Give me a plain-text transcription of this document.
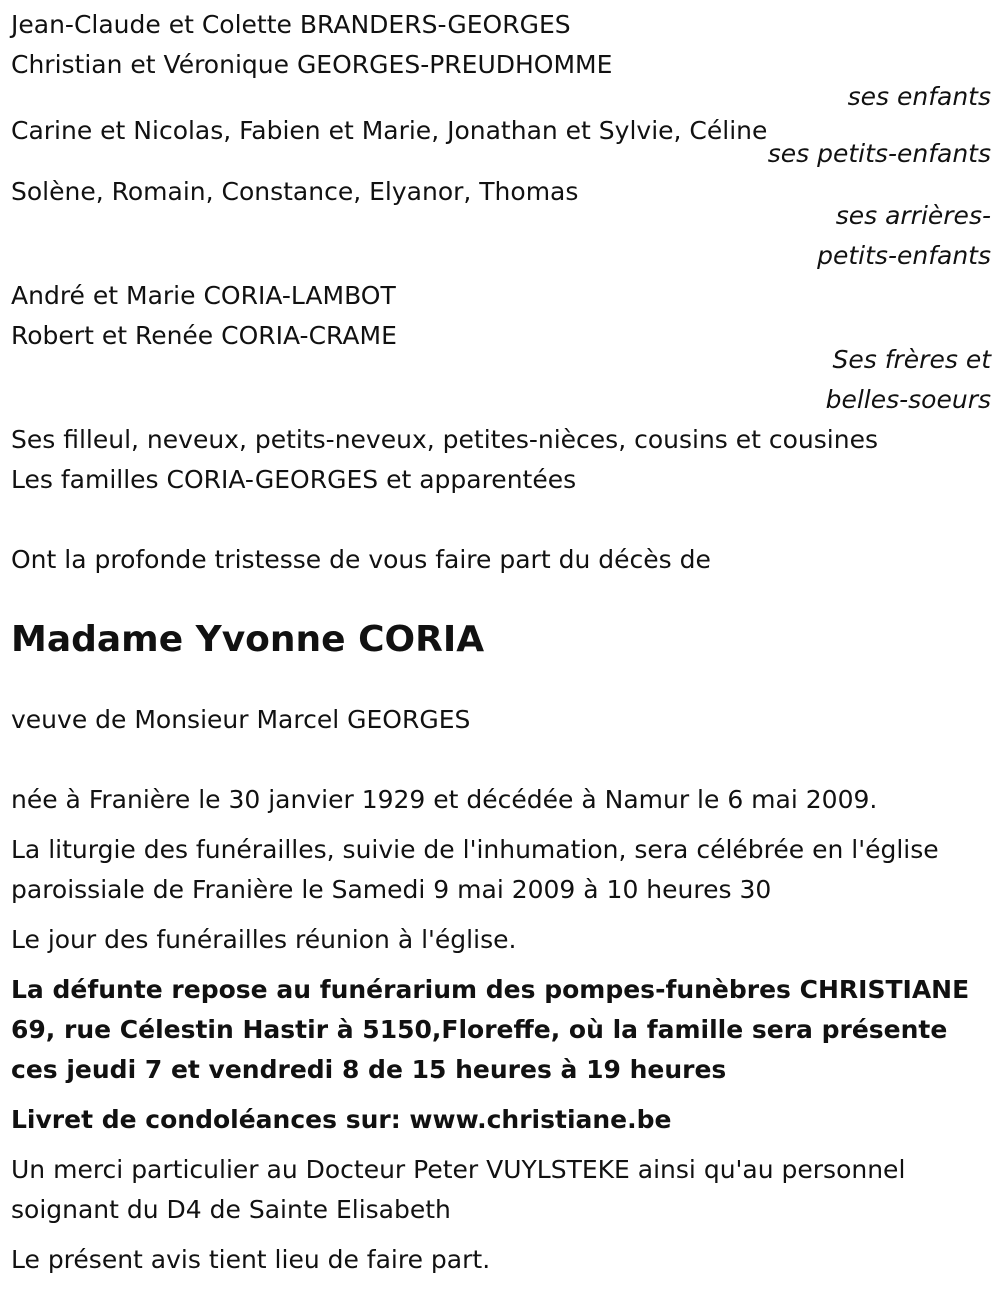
Jean-Claude et Colette BRANDERS-GEORGES
Christian et Véronique GEORGES-PREUDHOMME
ses enfants
Carine et Nicolas, Fabien et Marie, Jonathan et Sylvie, Céline
ses petits-enfants
Solène, Romain, Constance, Elyanor, Thomas
ses arrières-petits-enfants
André et Marie CORIA-LAMBOT
Robert et Renée CORIA-CRAME
Ses frères et belles-soeurs
Ses filleul, neveux, petits-neveux, petites-nièces, cousins et cousines
Les familles CORIA-GEORGES et apparentées
Ont la profonde tristesse de vous faire part du décès de
Madame Yvonne CORIA
veuve de Monsieur Marcel GEORGES
née à Franière le 30 janvier 1929 et décédée à Namur le 6 mai 2009.
La liturgie des funérailles, suivie de l'inhumation, sera célébrée en l'église paroissiale de Franière le Samedi 9 mai 2009 à 10 heures 30
Le jour des funérailles réunion à l'église.
La défunte repose au funérarium des pompes-funèbres CHRISTIANE 69, rue Célestin Hastir à 5150,Floreffe, où la famille sera présente ces jeudi 7 et vendredi 8 de 15 heures à 19 heures
Livret de condoléances sur: www.christiane.be
Un merci particulier au Docteur Peter VUYLSTEKE ainsi qu'au personnel soignant du D4 de Sainte Elisabeth
Le présent avis tient lieu de faire part.
